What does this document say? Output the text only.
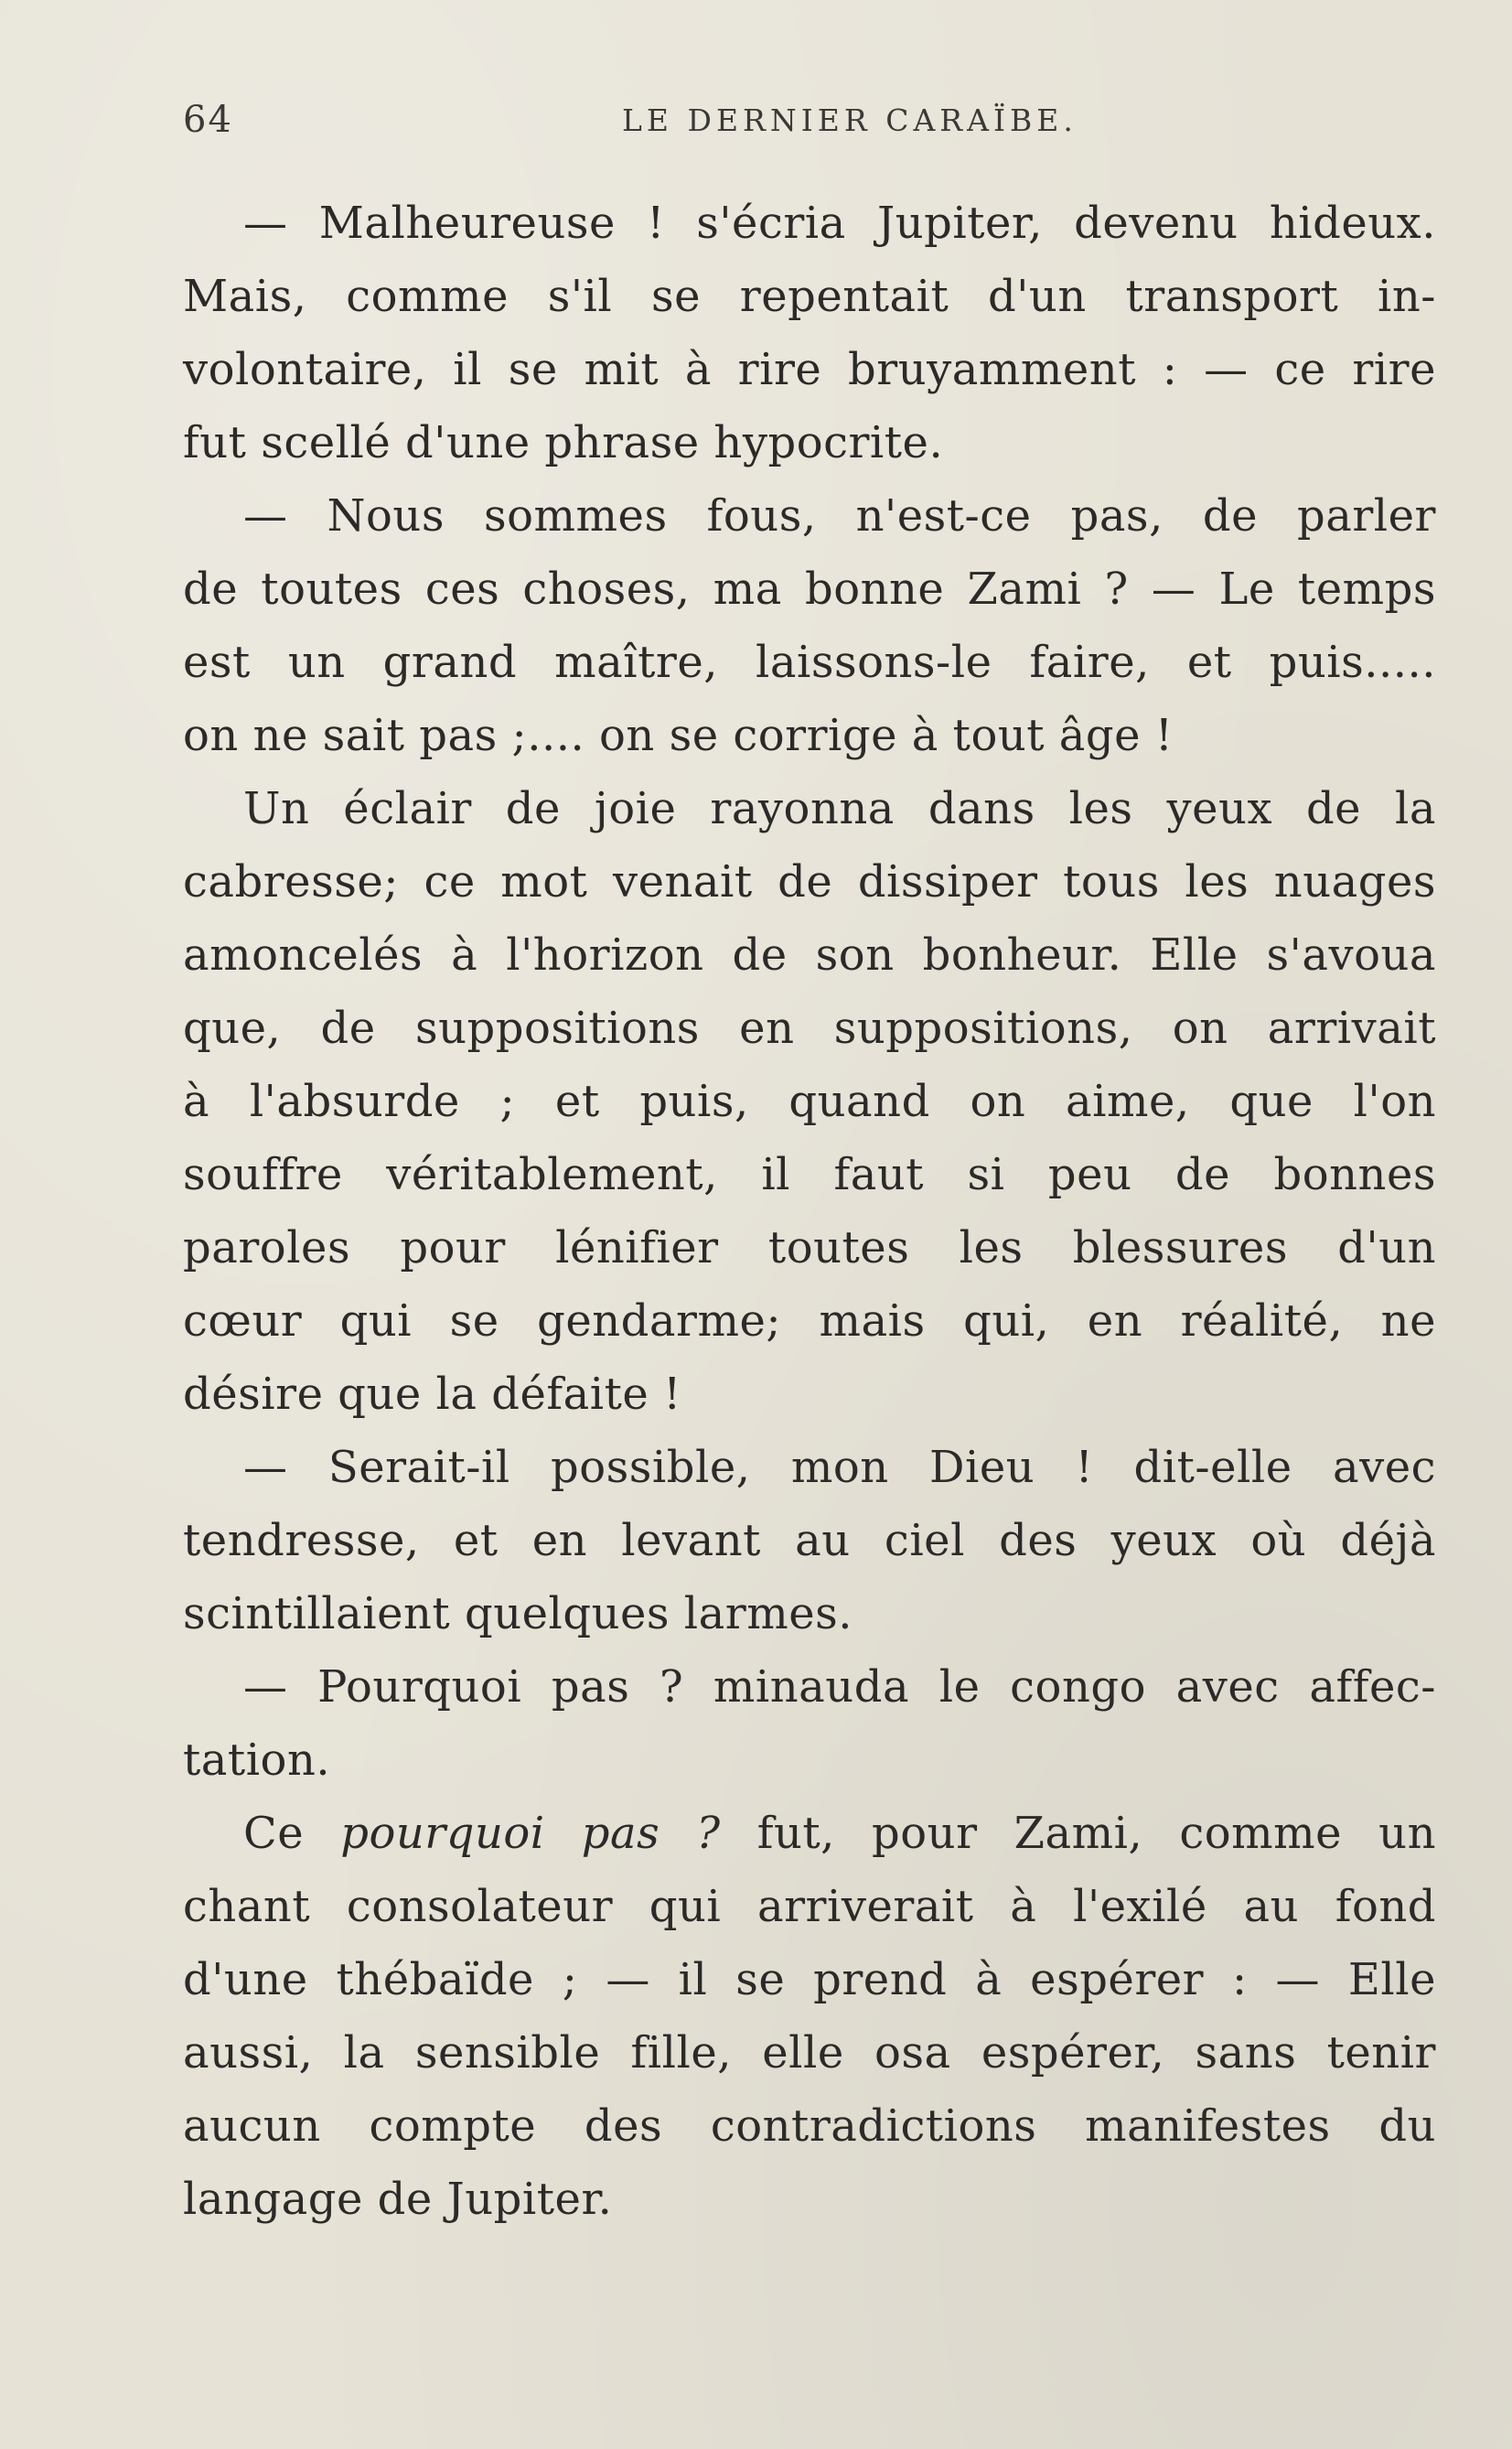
64	LE DERNIER CARAÏBE.
— Malheureuse ! s'écria Jupiter, devenu hideux.
Mais, comme s'il se repentait d'un transport in-
volontaire, il se mit à rire bruyamment : — ce rire
fut scellé d'une phrase hypocrite.
— Nous sommes fous, n'est-ce pas, de parler
de toutes ces choses, ma bonne Zami ? — Le temps
est un grand maître, laissons-le faire, et puis.....
on ne sait pas ;.... on se corrige à tout âge !
Un éclair de joie rayonna dans les yeux de la
cabresse; ce mot venait de dissiper tous les nuages
amoncelés à l'horizon de son bonheur. Elle s'avoua
que, de suppositions en suppositions, on arrivait
à l'absurde ; et puis, quand on aime, que l'on
souffre véritablement, il faut si peu de bonnes
paroles pour lénifier toutes les blessures d'un
cœur qui se gendarme; mais qui, en réalité, ne
désire que la défaite !
— Serait-il possible, mon Dieu ! dit-elle avec
tendresse, et en levant au ciel des yeux où déjà
scintillaient quelques larmes.
— Pourquoi pas ? minauda le congo avec affec-
tation.
Ce pourquoi pas ? fut, pour Zami, comme un
chant consolateur qui arriverait à l'exilé au fond
d'une thébaïde ; — il se prend à espérer : — Elle
aussi, la sensible fille, elle osa espérer, sans tenir
aucun compte des contradictions manifestes du
langage de Jupiter.
